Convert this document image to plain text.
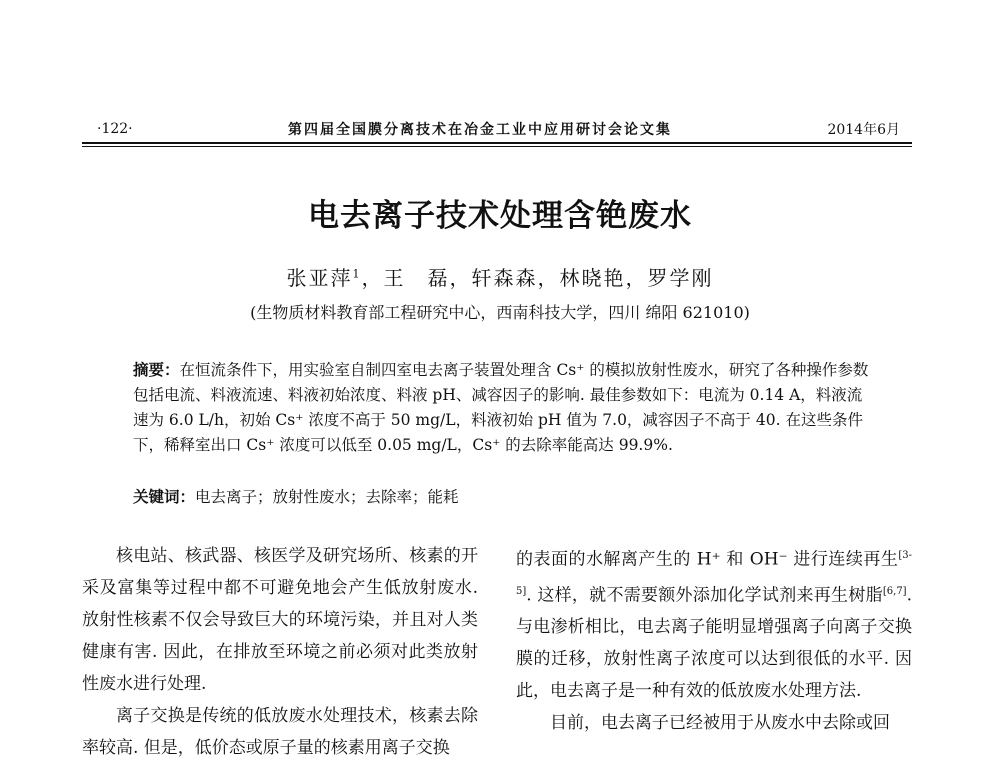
·122·	第四届全国膜分离技术在冶金工业中应用研讨会论文集	2014年6月
电去离子技术处理含铯废水
张亚萍$^1$，王　磊，轩森森，林晓艳，罗学刚
(生物质材料教育部工程研究中心，西南科技大学，四川 绵阳 621010)

摘要：在恒流条件下，用实验室自制四室电去离子装置处理含 Cs⁺ 的模拟放射性废水，研究了各种操作参数包括电流、料液流速、料液初始浓度、料液 pH、减容因子的影响. 最佳参数如下：电流为 0.14 A，料液流速为 6.0 L/h，初始 Cs⁺ 浓度不高于 50 mg/L，料液初始 pH 值为 7.0，减容因子不高于 40. 在这些条件下，稀释室出口 Cs⁺ 浓度可以低至 0.05 mg/L，Cs⁺ 的去除率能高达 99.9%.

关键词：电去离子；放射性废水；去除率；能耗

核电站、核武器、核医学及研究场所、核素的开采及富集等过程中都不可避免地会产生低放射废水. 放射性核素不仅会导致巨大的环境污染，并且对人类健康有害. 因此，在排放至环境之前必须对此类放射性废水进行处理.

离子交换是传统的低放废水处理技术，核素去除率较高. 但是，低价态或原子量的核素用离子交换

的表面的水解离产生的 H⁺ 和 OH⁻ 进行连续再生[3-5]. 这样，就不需要额外添加化学试剂来再生树脂[6,7]. 与电渗析相比，电去离子能明显增强离子向离子交换膜的迁移，放射性离子浓度可以达到很低的水平. 因此，电去离子是一种有效的低放废水处理方法.

目前，电去离子已经被用于从废水中去除或回
